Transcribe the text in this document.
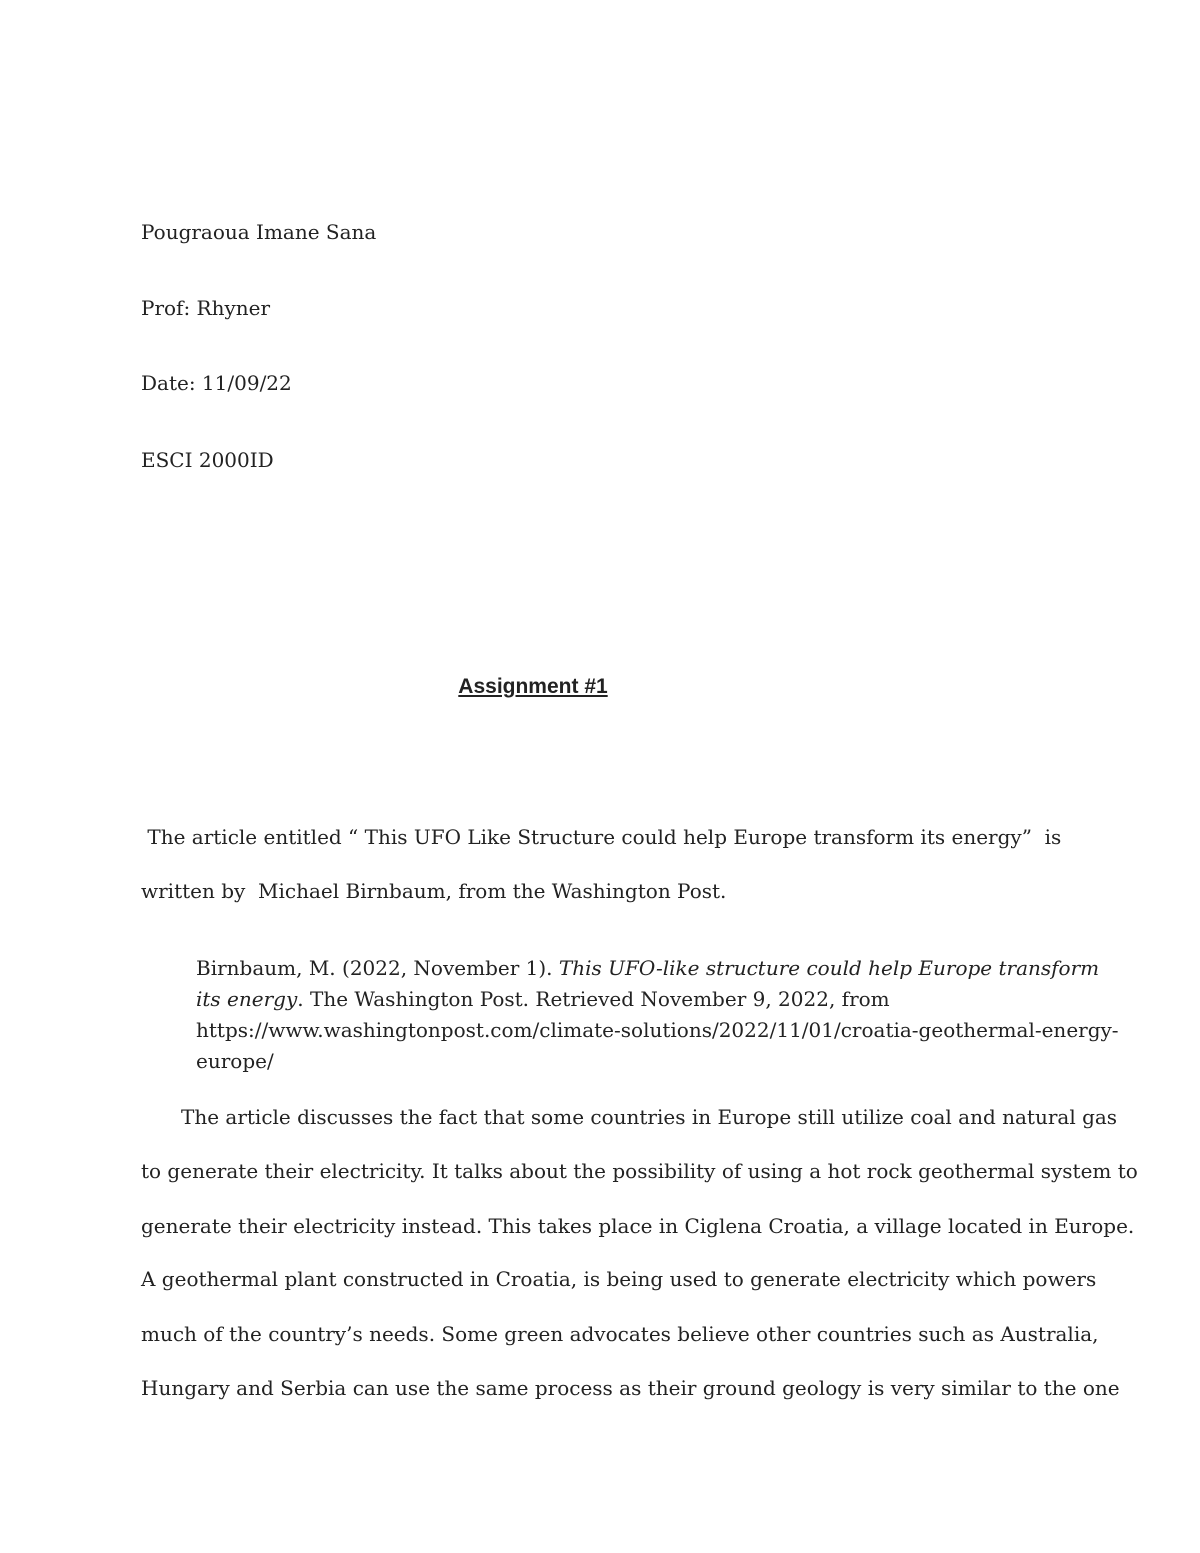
Pougraoua Imane Sana
Prof: Rhyner
Date: 11/09/22
ESCI 2000ID
Assignment #1
The article entitled “ This UFO Like Structure could help Europe transform its energy”  is
written by  Michael Birnbaum, from the Washington Post.
Birnbaum, M. (2022, November 1). This UFO-like structure could help Europe transform
its energy. The Washington Post. Retrieved November 9, 2022, from
https://www.washingtonpost.com/climate-solutions/2022/11/01/croatia-geothermal-energy-
europe/
The article discusses the fact that some countries in Europe still utilize coal and natural gas
to generate their electricity. It talks about the possibility of using a hot rock geothermal system to
generate their electricity instead. This takes place in Ciglena Croatia, a village located in Europe.
A geothermal plant constructed in Croatia, is being used to generate electricity which powers
much of the country’s needs. Some green advocates believe other countries such as Australia,
Hungary and Serbia can use the same process as their ground geology is very similar to the one
